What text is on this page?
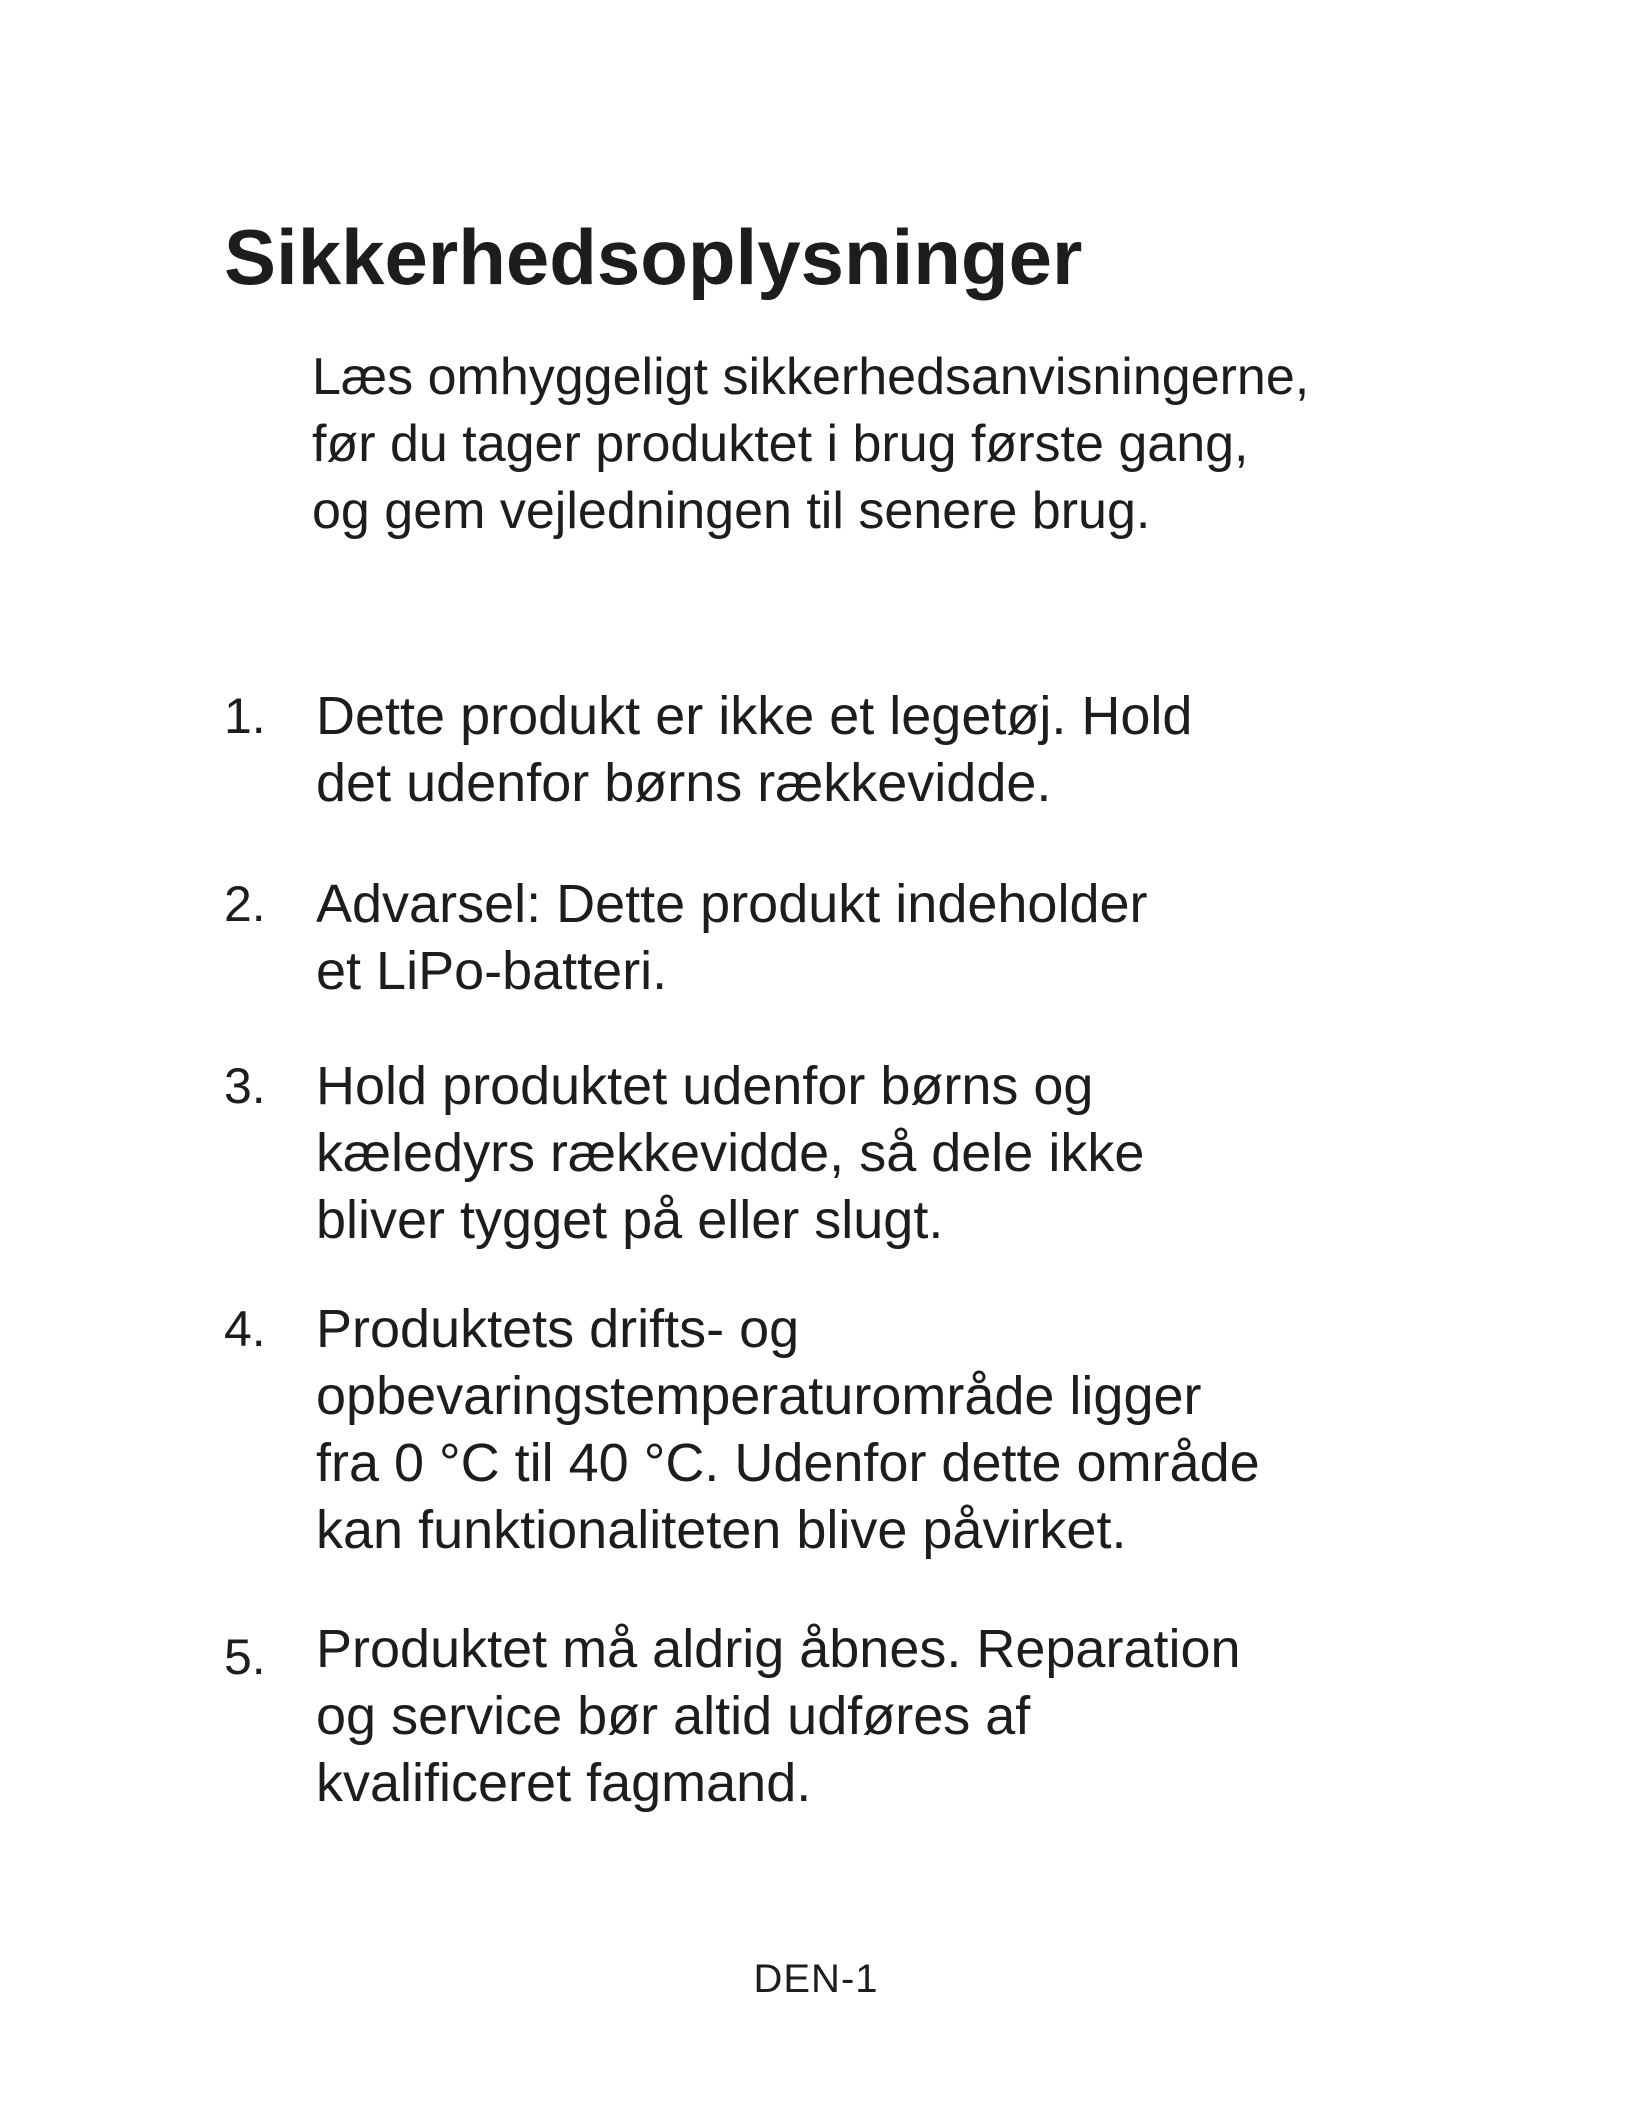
Sikkerhedsoplysninger

Læs omhyggeligt sikkerhedsanvisningerne,
før du tager produktet i brug første gang,
og gem vejledningen til senere brug.

1. Dette produkt er ikke et legetøj. Hold
det udenfor børns rækkevidde.
2. Advarsel: Dette produkt indeholder
et LiPo-batteri.
3. Hold produktet udenfor børns og
kæledyrs rækkevidde, så dele ikke
bliver tygget på eller slugt.
4. Produktets drifts- og
opbevaringstemperaturområde ligger
fra 0 °C til 40 °C. Udenfor dette område
kan funktionaliteten blive påvirket.
5. Produktet må aldrig åbnes. Reparation
og service bør altid udføres af
kvalificeret fagmand.
DEN-1
